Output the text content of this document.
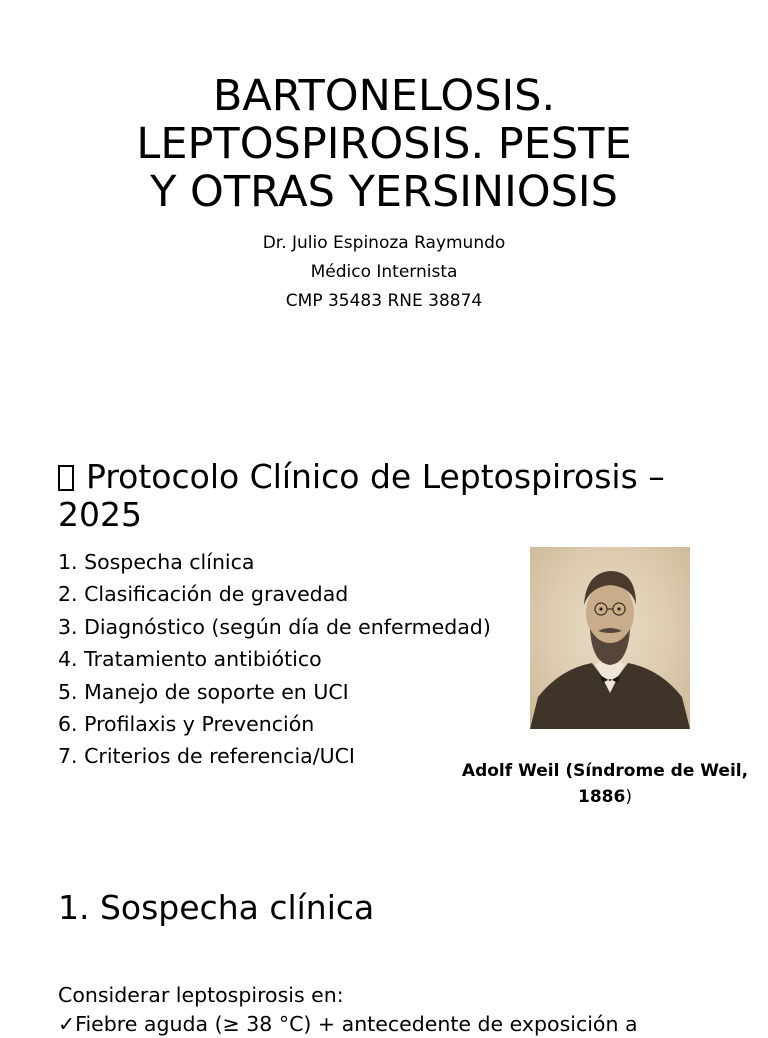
BARTONELOSIS.
LEPTOSPIROSIS. PESTE
Y OTRAS YERSINIOSIS
Dr. Julio Espinoza Raymundo
Médico Internista
CMP 35483 RNE 38874
Protocolo Clínico de Leptospirosis – 2025
1. Sospecha clínica
2. Clasificación de gravedad
3. Diagnóstico (según día de enfermedad)
4. Tratamiento antibiótico
5. Manejo de soporte en UCI
6. Profilaxis y Prevención
7. Criterios de referencia/UCI
Adolf Weil (Síndrome de Weil, 1886)
1. Sospecha clínica
Considerar leptospirosis en:
✓Fiebre aguda (≥ 38 °C) + antecedente de exposición a
